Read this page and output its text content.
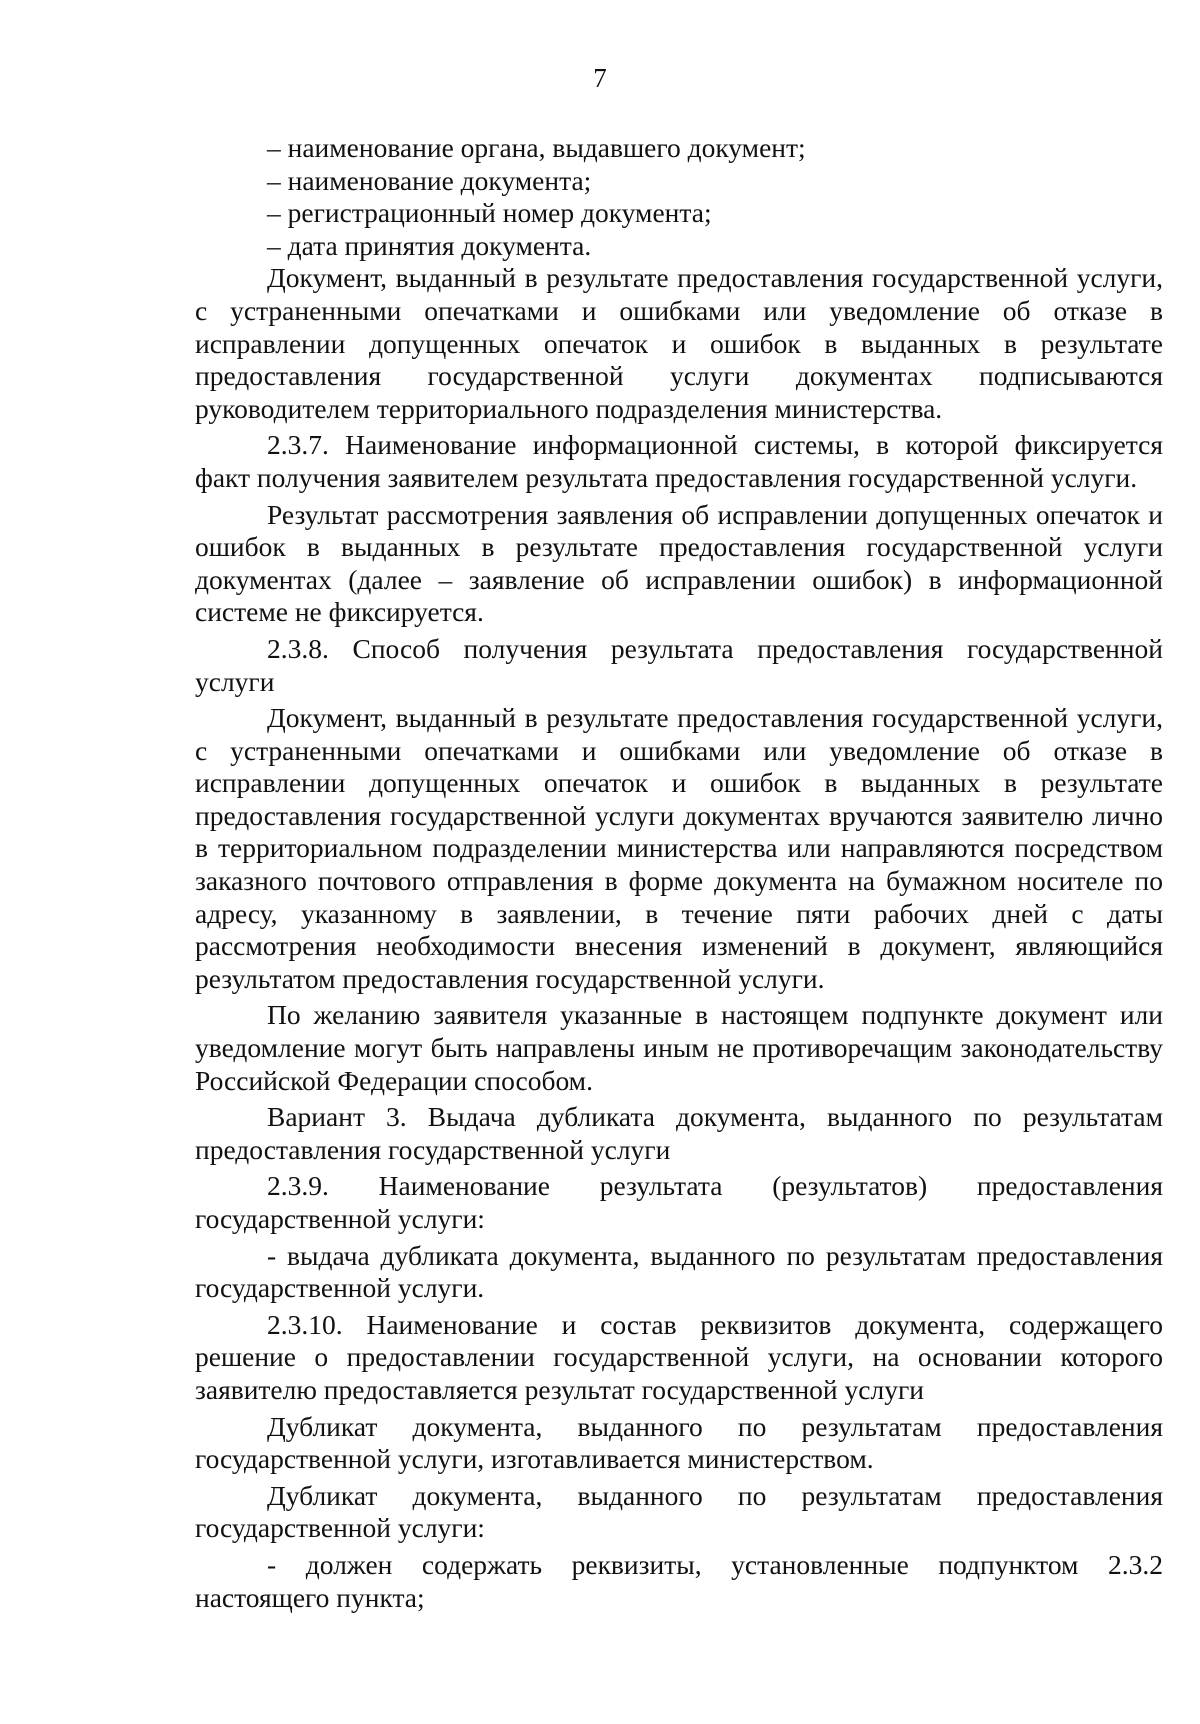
7

– наименование органа, выдавшего документ;

– наименование документа;

– регистрационный номер документа;

– дата принятия документа.

Документ, выданный в результате предоставления государственной услуги, с устраненными опечатками и ошибками или уведомление об отказе в исправлении допущенных опечаток и ошибок в выданных в результате предоставления государственной услуги документах подписываются руководителем территориального подразделения министерства.

2.3.7. Наименование информационной системы, в которой фиксируется факт получения заявителем результата предоставления государственной услуги.

Результат рассмотрения заявления об исправлении допущенных опечаток и ошибок в выданных в результате предоставления государственной услуги документах (далее – заявление об исправлении ошибок) в информационной системе не фиксируется.

2.3.8. Способ получения результата предоставления государственной услуги

Документ, выданный в результате предоставления государственной услуги, с устраненными опечатками и ошибками или уведомление об отказе в исправлении допущенных опечаток и ошибок в выданных в результате предоставления государственной услуги документах вручаются заявителю лично в территориальном подразделении министерства или направляются посредством заказного почтового отправления в форме документа на бумажном носителе по адресу, указанному в заявлении, в течение пяти рабочих дней с даты рассмотрения необходимости внесения изменений в документ, являющийся результатом предоставления государственной услуги.

По желанию заявителя указанные в настоящем подпункте документ или уведомление могут быть направлены иным не противоречащим законодательству Российской Федерации способом.

Вариант 3. Выдача дубликата документа, выданного по результатам предоставления государственной услуги

2.3.9. Наименование результата (результатов) предоставления государственной услуги:

- выдача дубликата документа, выданного по результатам предоставления государственной услуги.

2.3.10. Наименование и состав реквизитов документа, содержащего решение о предоставлении государственной услуги, на основании которого заявителю предоставляется результат государственной услуги

Дубликат документа, выданного по результатам предоставления государственной услуги, изготавливается министерством.

Дубликат документа, выданного по результатам предоставления государственной услуги:

- должен содержать реквизиты, установленные подпунктом 2.3.2 настоящего пункта;
